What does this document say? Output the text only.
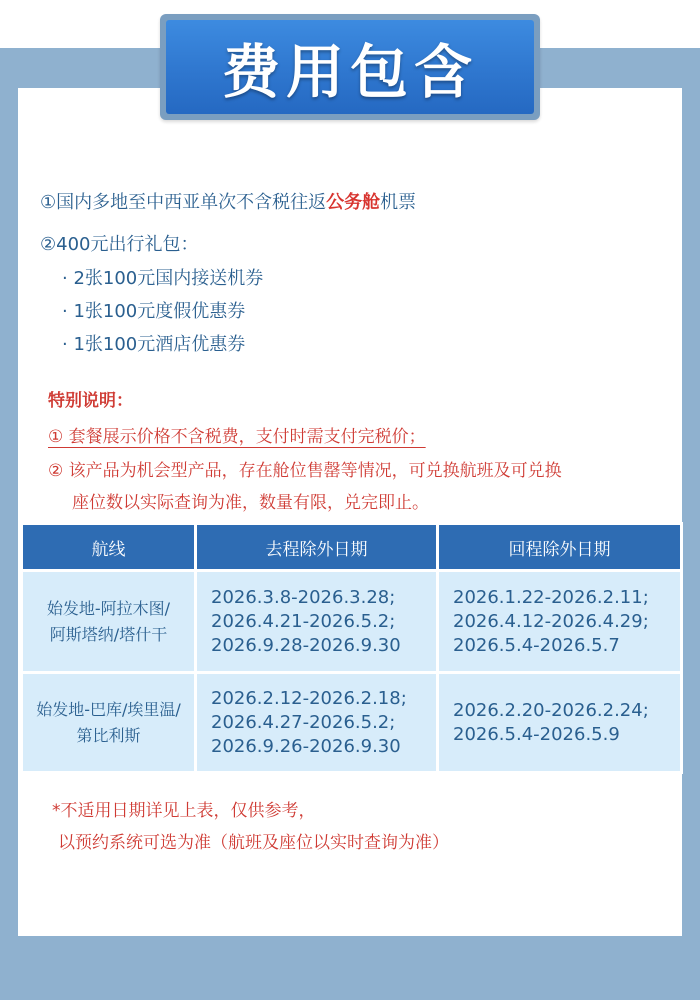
费用包含
①国内多地至中西亚单次不含税往返公务舱机票
②400元出行礼包：
· 2张100元国内接送机券
· 1张100元度假优惠券
· 1张100元酒店优惠券
特别说明：
① 套餐展示价格不含税费，支付时需支付完税价；
② 该产品为机会型产品，存在舱位售罄等情况，可兑换航班及可兑换
座位数以实际查询为准，数量有限，兑完即止。
航线	去程除外日期	回程除外日期

始发地-阿拉木图/
阿斯塔纳/塔什干	2026.3.8-2026.3.28;
2026.4.21-2026.5.2;
2026.9.28-2026.9.30	2026.1.22-2026.2.11;
2026.4.12-2026.4.29;
2026.5.4-2026.5.7

始发地-巴库/埃里温/
第比利斯	2026.2.12-2026.2.18;
2026.4.27-2026.5.2;
2026.9.26-2026.9.30	2026.2.20-2026.2.24;
2026.5.4-2026.5.9
*不适用日期详见上表，仅供参考，
以预约系统可选为准（航班及座位以实时查询为准）
